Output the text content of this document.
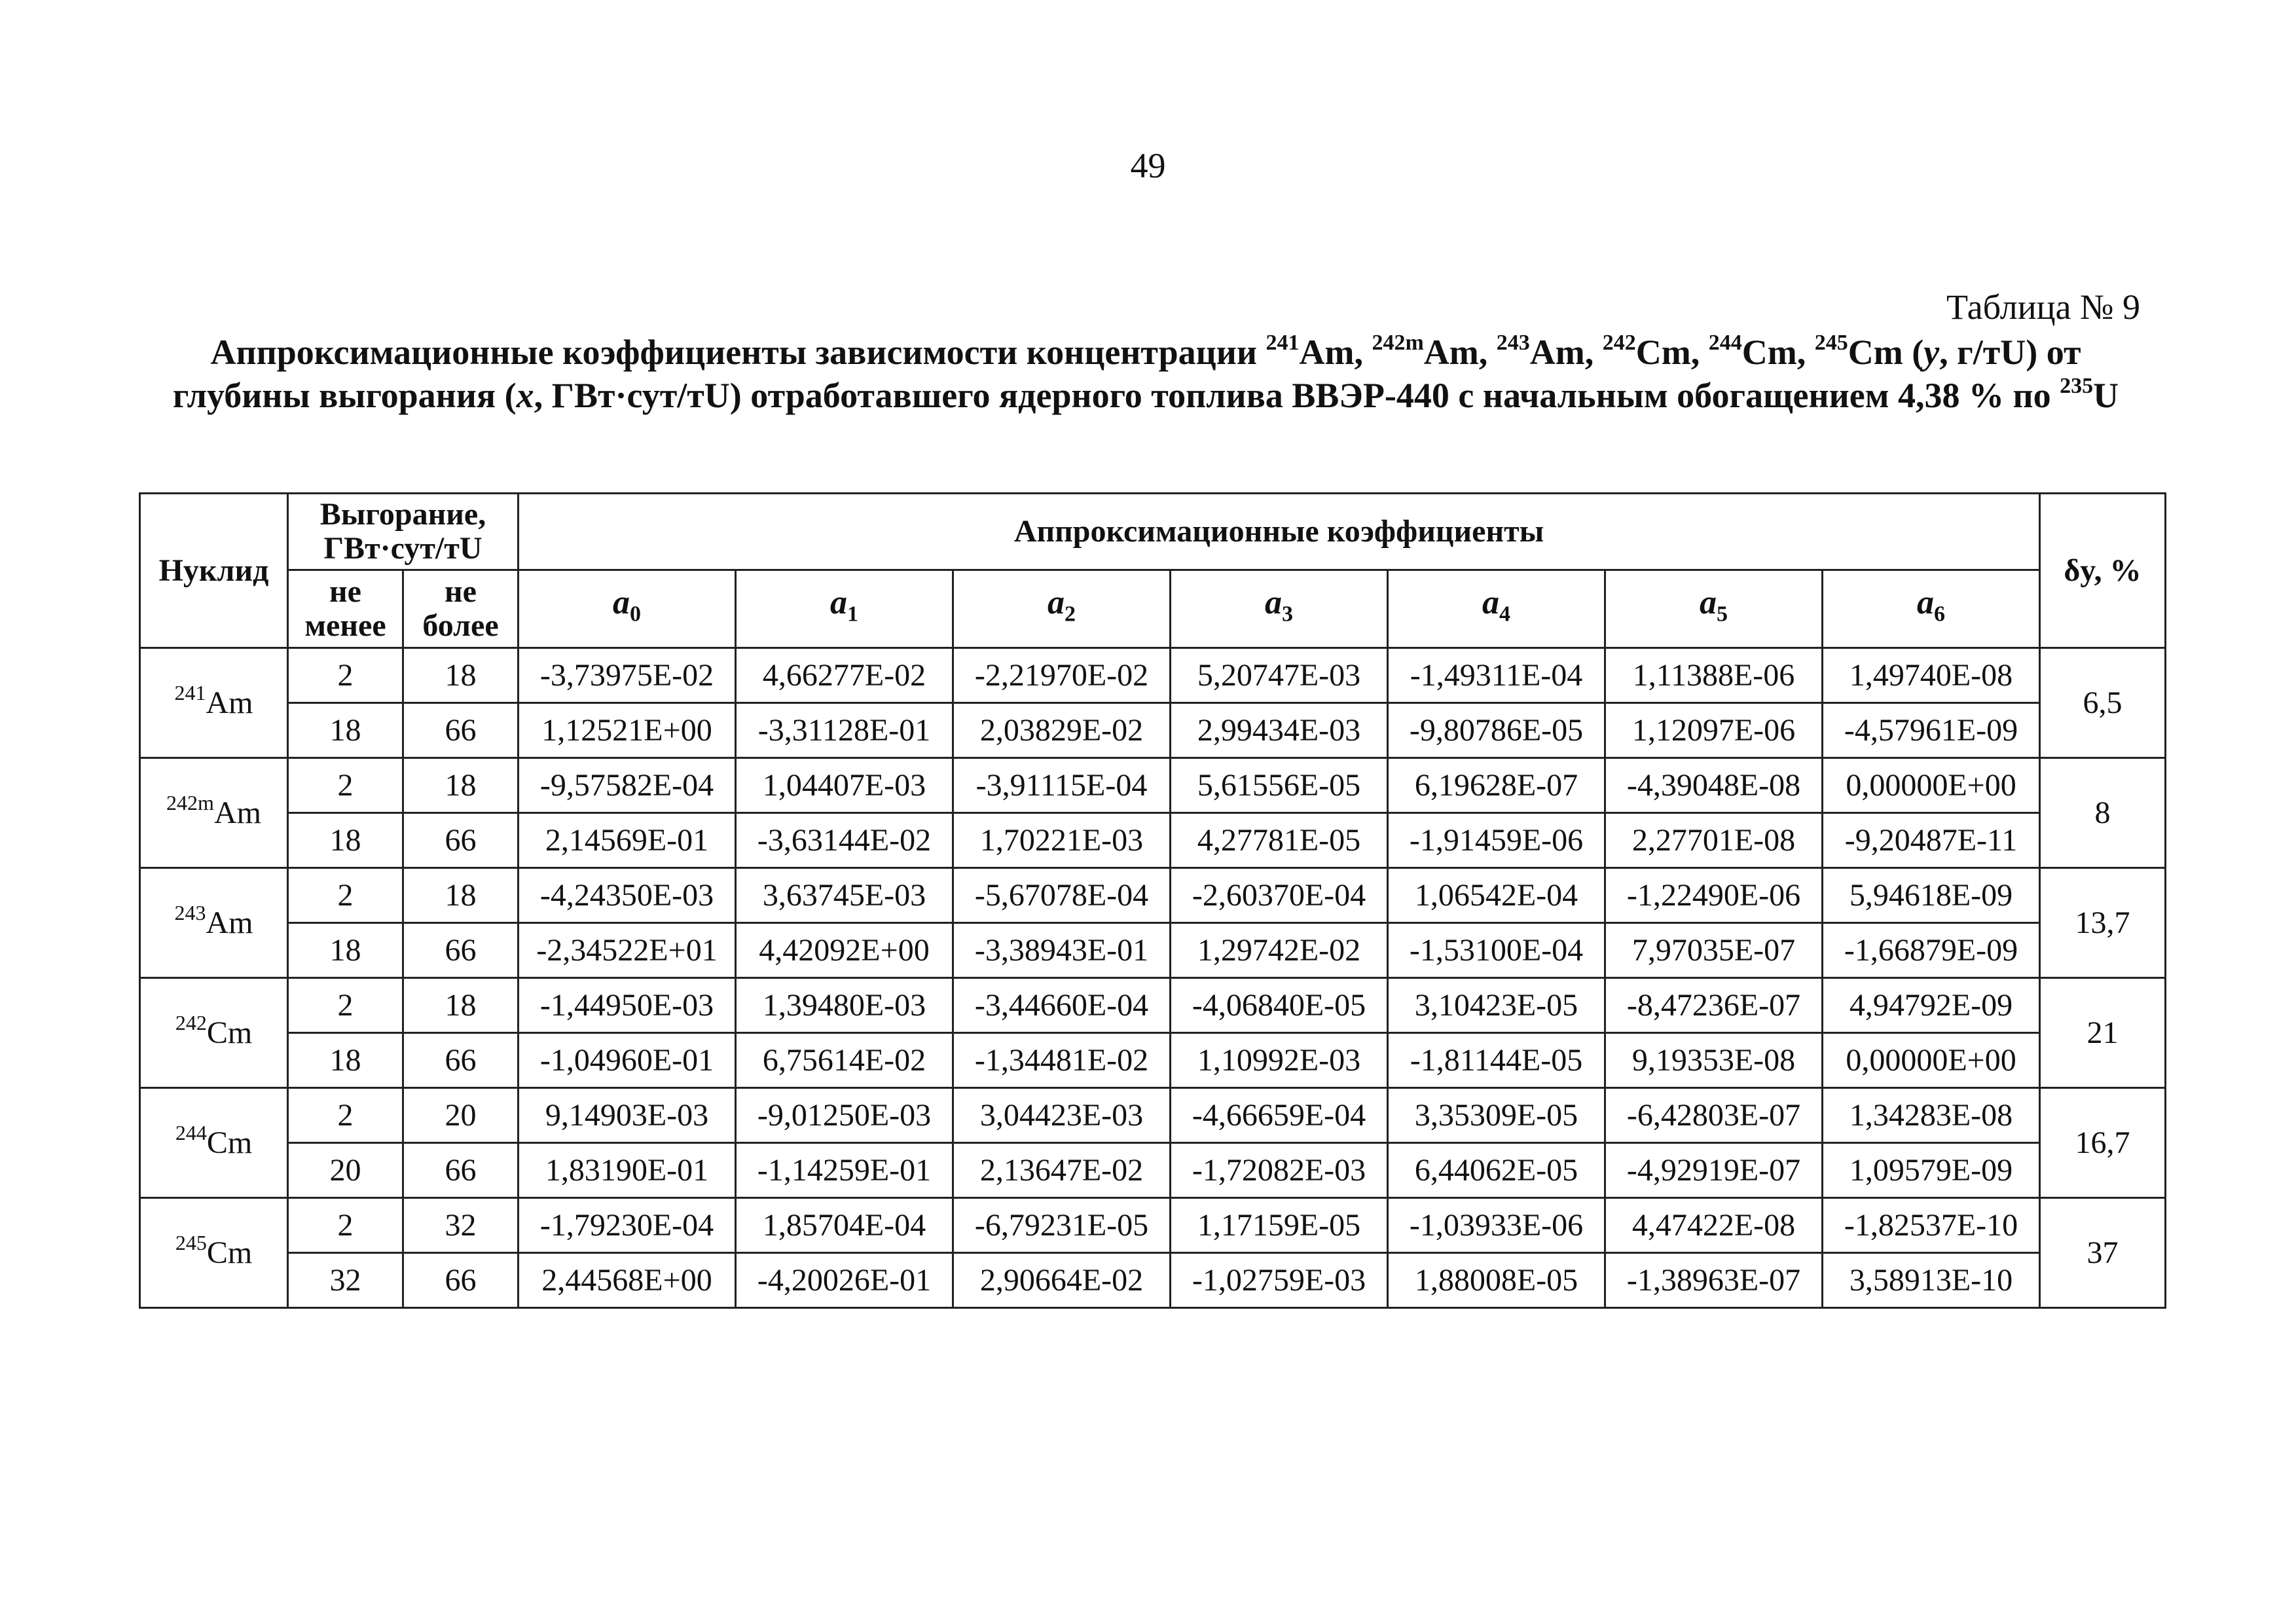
49
Таблица № 9
Аппроксимационные коэффициенты зависимости концентрации $^{241}$Am, $^{242m}$Am, $^{243}$Am, $^{242}$Cm, $^{244}$Cm, $^{245}$Cm (y, г/тU) от глубины выгорания (x, ГВт·сут/тU) отработавшего ядерного топлива ВВЭР-440 с начальным обогащением 4,38 % по $^{235}$U
Нуклид	Выгорание, ГВт·сут/тU		Аппроксимационные коэффициенты							δy, %
	не менее	не более	$a_0$	$a_1$	$a_2$	$a_3$	$a_4$	$a_5$	$a_6$
$^{241}$Am	2	18	-3,73975E-02	4,66277E-02	-2,21970E-02	5,20747E-03	-1,49311E-04	1,11388E-06	1,49740E-08	6,5
	18	66	1,12521E+00	-3,31128E-01	2,03829E-02	2,99434E-03	-9,80786E-05	1,12097E-06	-4,57961E-09	
$^{242m}$Am	2	18	-9,57582E-04	1,04407E-03	-3,91115E-04	5,61556E-05	6,19628E-07	-4,39048E-08	0,00000E+00	8
	18	66	2,14569E-01	-3,63144E-02	1,70221E-03	4,27781E-05	-1,91459E-06	2,27701E-08	-9,20487E-11	
$^{243}$Am	2	18	-4,24350E-03	3,63745E-03	-5,67078E-04	-2,60370E-04	1,06542E-04	-1,22490E-06	5,94618E-09	13,7
	18	66	-2,34522E+01	4,42092E+00	-3,38943E-01	1,29742E-02	-1,53100E-04	7,97035E-07	-1,66879E-09	
$^{242}$Cm	2	18	-1,44950E-03	1,39480E-03	-3,44660E-04	-4,06840E-05	3,10423E-05	-8,47236E-07	4,94792E-09	21
	18	66	-1,04960E-01	6,75614E-02	-1,34481E-02	1,10992E-03	-1,81144E-05	9,19353E-08	0,00000E+00	
$^{244}$Cm	2	20	9,14903E-03	-9,01250E-03	3,04423E-03	-4,66659E-04	3,35309E-05	-6,42803E-07	1,34283E-08	16,7
	20	66	1,83190E-01	-1,14259E-01	2,13647E-02	-1,72082E-03	6,44062E-05	-4,92919E-07	1,09579E-09	
$^{245}$Cm	2	32	-1,79230E-04	1,85704E-04	-6,79231E-05	1,17159E-05	-1,03933E-06	4,47422E-08	-1,82537E-10	37
	32	66	2,44568E+00	-4,20026E-01	2,90664E-02	-1,02759E-03	1,88008E-05	-1,38963E-07	3,58913E-10	
